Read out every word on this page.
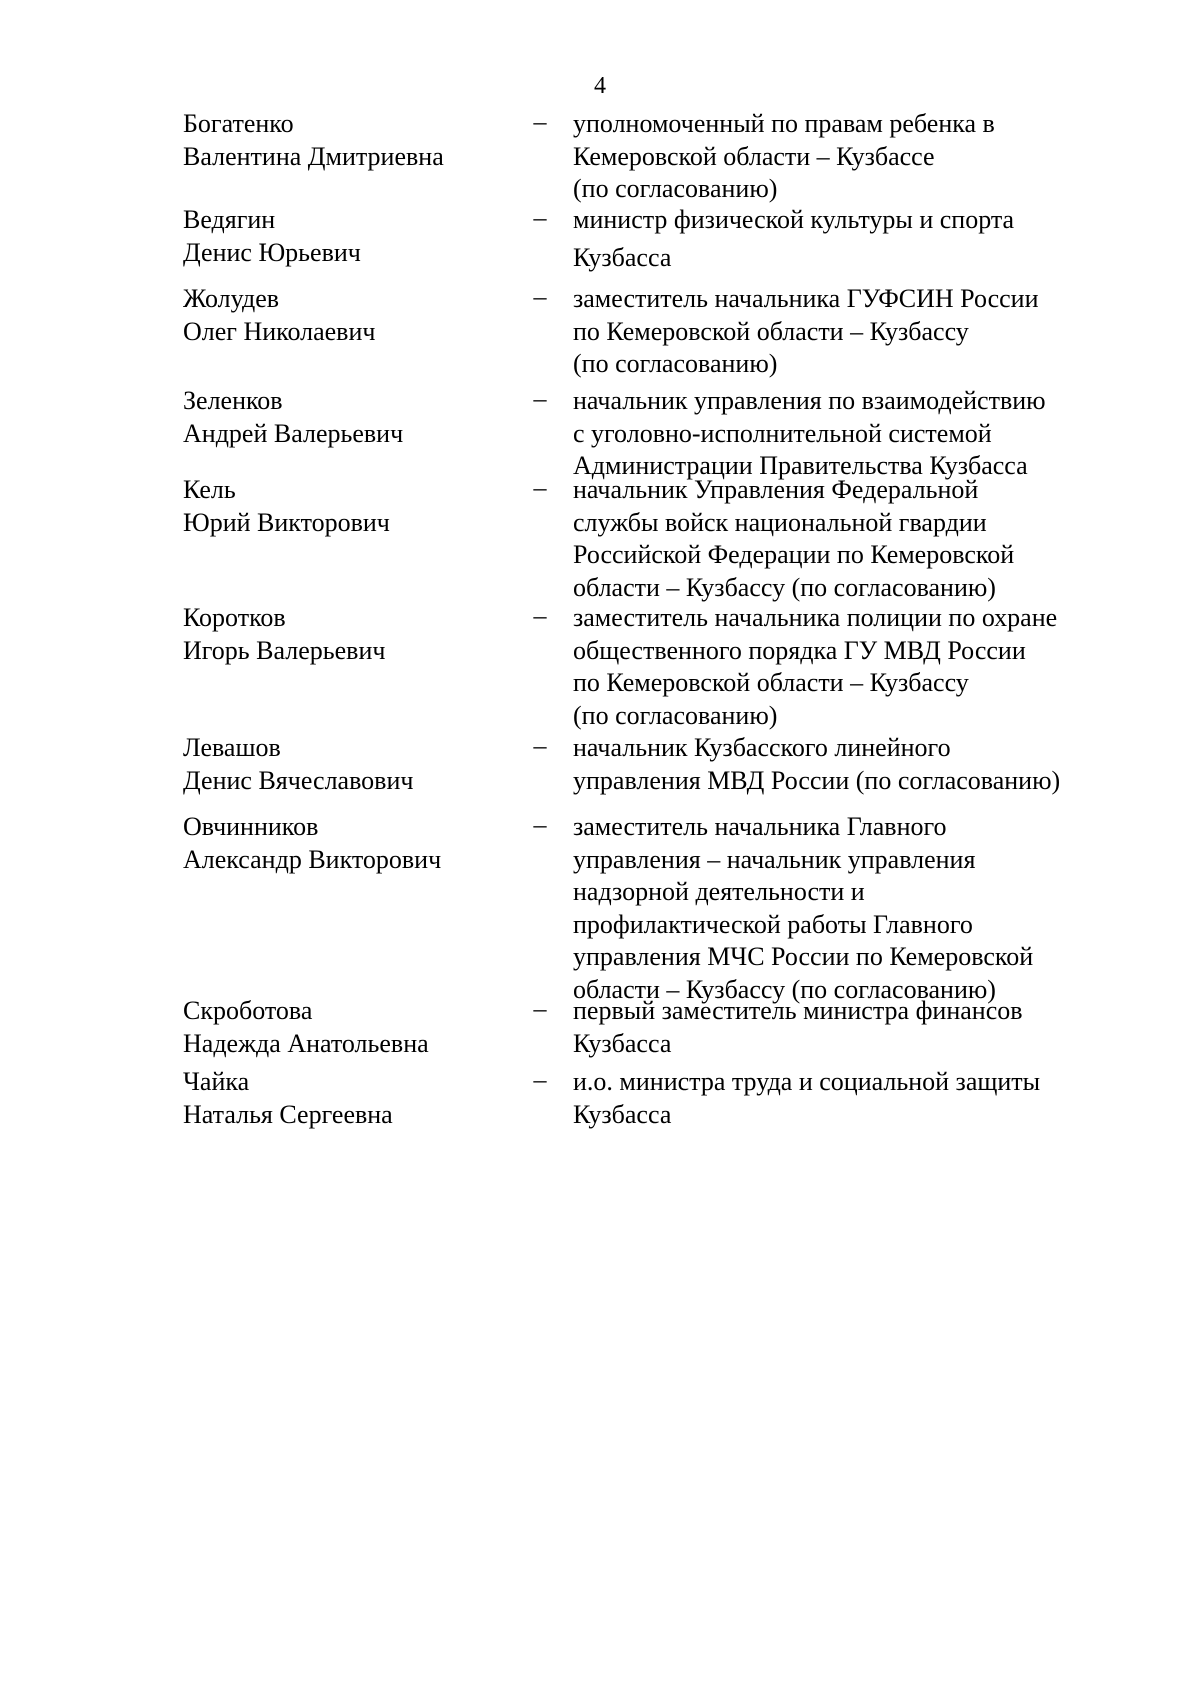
4
Богатенко
Валентина Дмитриевна
– уполномоченный по правам ребенка в
Кемеровской области – Кузбассе
(по согласованию)
Ведягин
Денис Юрьевич
– министр физической культуры и спорта
Кузбасса
Жолудев
Олег Николаевич
– заместитель начальника ГУФСИН России
по Кемеровской области – Кузбассу
(по согласованию)
Зеленков
Андрей Валерьевич
– начальник управления по взаимодействию
с уголовно-исполнительной системой
Администрации Правительства Кузбасса
Кель
Юрий Викторович
– начальник Управления Федеральной
службы войск национальной гвардии
Российской Федерации по Кемеровской
области – Кузбассу (по согласованию)
Коротков
Игорь Валерьевич
– заместитель начальника полиции по охране
общественного порядка ГУ МВД России
по Кемеровской области – Кузбассу
(по согласованию)
Левашов
Денис Вячеславович
– начальник Кузбасского линейного
управления МВД России (по согласованию)
Овчинников
Александр Викторович
– заместитель начальника Главного
управления – начальник управления
надзорной деятельности и
профилактической работы Главного
управления МЧС России по Кемеровской
области – Кузбассу (по согласованию)
Скроботова
Надежда Анатольевна
– первый заместитель министра финансов
Кузбасса
Чайка
Наталья Сергеевна
– и.о. министра труда и социальной защиты
Кузбасса
